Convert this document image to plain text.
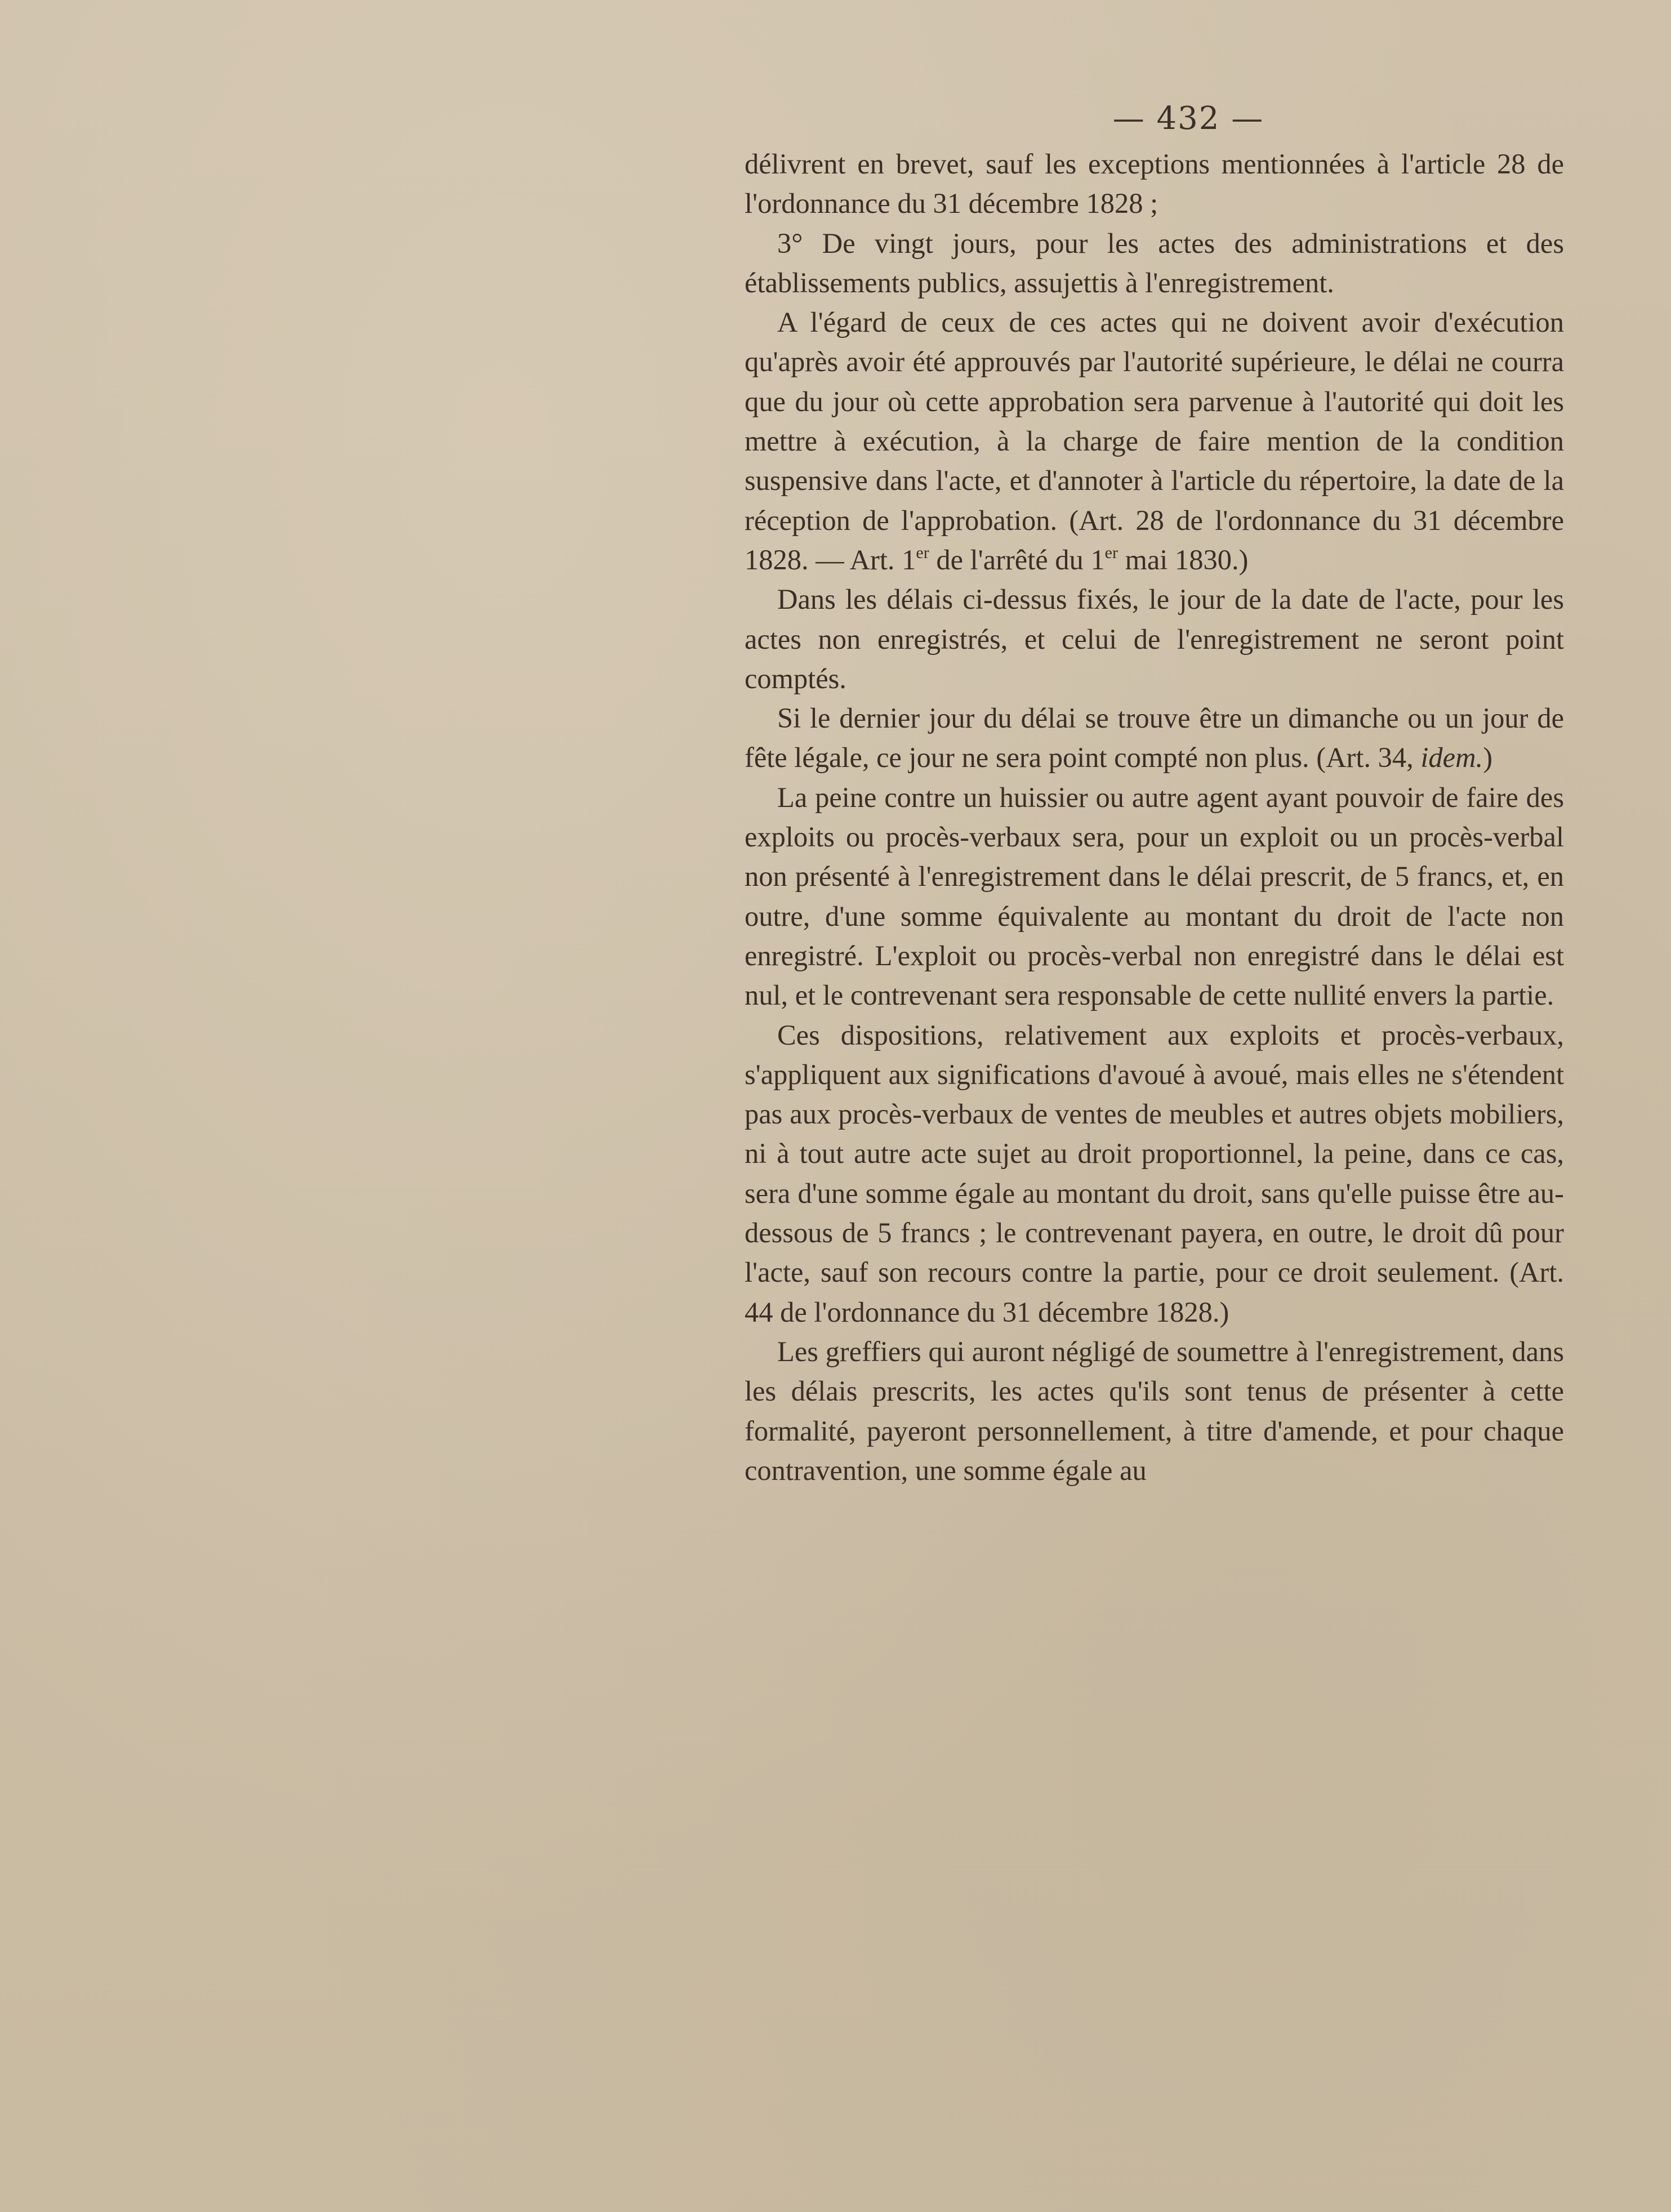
— 432 —

délivrent en brevet, sauf les exceptions mentionnées à l'article 28 de l'ordonnance du 31 décembre 1828 ;

3° De vingt jours, pour les actes des administrations et des établissements publics, assujettis à l'enregistrement.

A l'égard de ceux de ces actes qui ne doivent avoir d'exécution qu'après avoir été approuvés par l'autorité supérieure, le délai ne courra que du jour où cette approbation sera parvenue à l'autorité qui doit les mettre à exécution, à la charge de faire mention de la condition suspensive dans l'acte, et d'annoter à l'article du répertoire, la date de la réception de l'approbation. (Art. 28 de l'ordonnance du 31 décembre 1828. — Art. 1er de l'arrêté du 1er mai 1830.)

Dans les délais ci-dessus fixés, le jour de la date de l'acte, pour les actes non enregistrés, et celui de l'enregistrement ne seront point comptés.

Si le dernier jour du délai se trouve être un dimanche ou un jour de fête légale, ce jour ne sera point compté non plus. (Art. 34, idem.)

La peine contre un huissier ou autre agent ayant pouvoir de faire des exploits ou procès-verbaux sera, pour un exploit ou un procès-verbal non présenté à l'enregistrement dans le délai prescrit, de 5 francs, et, en outre, d'une somme équivalente au montant du droit de l'acte non enregistré. L'exploit ou procès-verbal non enregistré dans le délai est nul, et le contrevenant sera responsable de cette nullité envers la partie.

Ces dispositions, relativement aux exploits et procès-verbaux, s'appliquent aux significations d'avoué à avoué, mais elles ne s'étendent pas aux procès-verbaux de ventes de meubles et autres objets mobiliers, ni à tout autre acte sujet au droit proportionnel, la peine, dans ce cas, sera d'une somme égale au montant du droit, sans qu'elle puisse être au-dessous de 5 francs ; le contrevenant payera, en outre, le droit dû pour l'acte, sauf son recours contre la partie, pour ce droit seulement. (Art. 44 de l'ordonnance du 31 décembre 1828.)

Les greffiers qui auront négligé de soumettre à l'enregistrement, dans les délais prescrits, les actes qu'ils sont tenus de présenter à cette formalité, payeront personnellement, à titre d'amende, et pour chaque contravention, une somme égale au
